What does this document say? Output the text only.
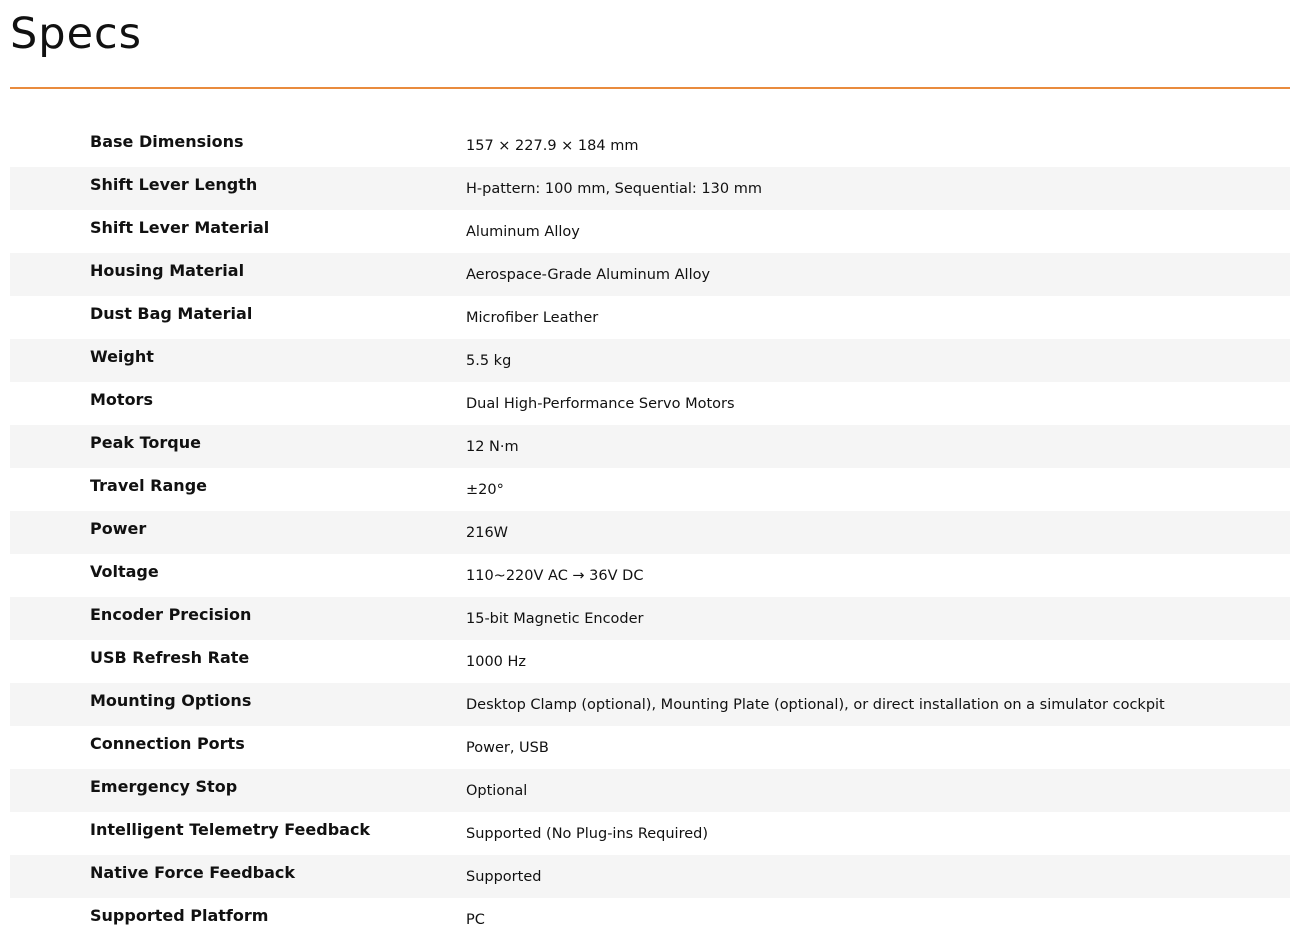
Specs
Base Dimensions	157 × 227.9 × 184 mm
Shift Lever Length	H-pattern: 100 mm, Sequential: 130 mm
Shift Lever Material	Aluminum Alloy
Housing Material	Aerospace-Grade Aluminum Alloy
Dust Bag Material	Microfiber Leather
Weight	5.5 kg
Motors	Dual High-Performance Servo Motors
Peak Torque	12 N·m
Travel Range	±20°
Power	216W
Voltage	110~220V AC → 36V DC
Encoder Precision	15-bit Magnetic Encoder
USB Refresh Rate	1000 Hz
Mounting Options	Desktop Clamp (optional), Mounting Plate (optional), or direct installation on a simulator cockpit
Connection Ports	Power, USB
Emergency Stop	Optional
Intelligent Telemetry Feedback	Supported (No Plug-ins Required)
Native Force Feedback	Supported
Supported Platform	PC
